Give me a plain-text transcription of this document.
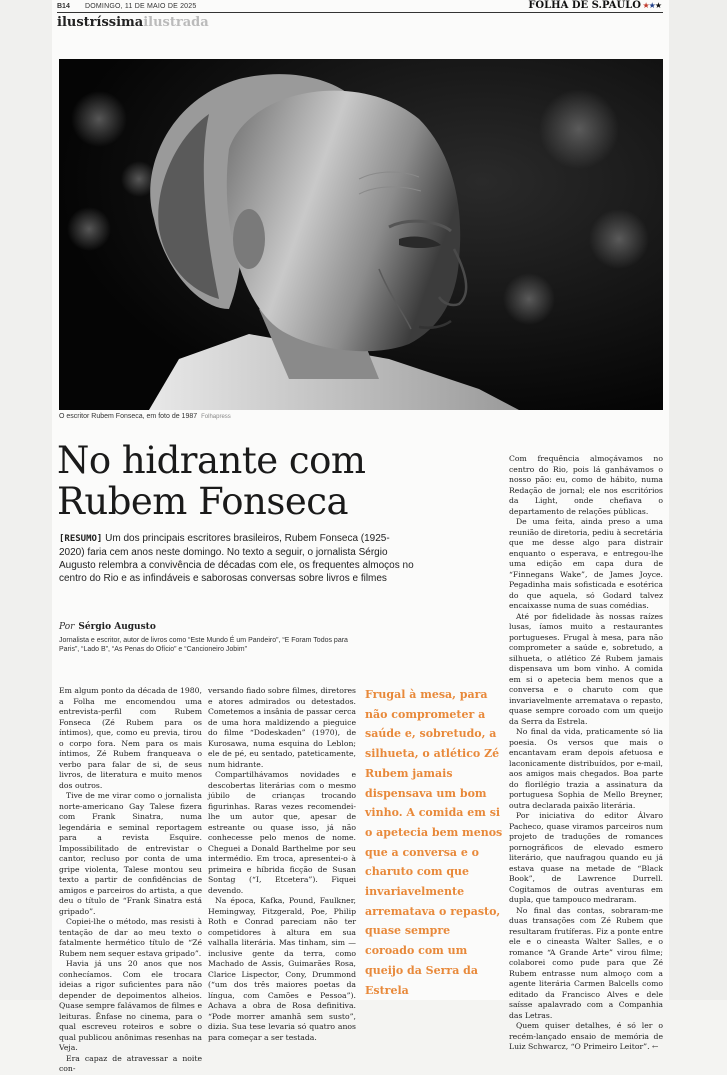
B14 DOMINGO, 11 DE MAIO DE 2025	FOLHA DE S.PAULO ★★★
ilustríssimailustrada
O escritor Rubem Fonseca, em foto de 1987 Folhapress
No hidrante com Rubem Fonseca
[RESUMO] Um dos principais escritores brasileiros, Rubem Fonseca (1925-2020) faria cem anos neste domingo. No texto a seguir, o jornalista Sérgio Augusto relembra a convivência de décadas com ele, os frequentes almoços no centro do Rio e as infindáveis e saborosas conversas sobre livros e filmes
Por Sérgio Augusto
Jornalista e escritor, autor de livros como “Este Mundo É um Pandeiro”, “E Foram Todos para Paris”, “Lado B”, “As Penas do Ofício” e “Cancioneiro Jobim”

Em algum ponto da década de 1980, a Folha me encomendou uma entrevista-perfil com Rubem Fonseca (Zé Rubem para os íntimos), que, como eu previa, tirou o corpo fora. Nem para os mais íntimos, Zé Rubem franqueava o verbo para falar de si, de seus livros, de literatura e muito menos dos outros.

Tive de me virar como o jornalista norte-americano Gay Talese fizera com Frank Sinatra, numa legendária e seminal reportagem para a revista Esquire. Impossibilitado de entrevistar o cantor, recluso por conta de uma gripe violenta, Talese montou seu texto a partir de confidências de amigos e parceiros do artista, a que deu o título de “Frank Sinatra está gripado”.

Copiei-lhe o método, mas resisti à tentação de dar ao meu texto o fatalmente hermético título de “Zé Rubem nem sequer estava gripado”.

Havia já uns 20 anos que nos conhecíamos. Com ele trocara ideias a rigor suficientes para não depender de depoimentos alheios. Quase sempre falávamos de filmes e leituras. Ênfase no cinema, para o qual escreveu roteiros e sobre o qual publicou anônimas resenhas na Veja.

Era capaz de atravessar a noite con-

versando fiado sobre filmes, diretores e atores admirados ou detestados. Cometemos a insânia de passar cerca de uma hora maldizendo a pieguice do filme “Dodeskaden” (1970), de Kurosawa, numa esquina do Leblon; ele de pé, eu sentado, pateticamente, num hidrante.

Compartilhávamos novidades e descobertas literárias com o mesmo júbilo de crianças trocando figurinhas. Raras vezes recomendei-lhe um autor que, apesar de estreante ou quase isso, já não conhecesse pelo menos de nome. Cheguei a Donald Barthelme por seu intermédio. Em troca, apresentei-o à primeira e híbrida ficção de Susan Sontag (“I, Etcetera”). Fiquei devendo.

Na época, Kafka, Pound, Faulkner, Hemingway, Fitzgerald, Poe, Philip Roth e Conrad pareciam não ter competidores à altura em sua valhalla literária. Mas tinham, sim —inclusive gente da terra, como Machado de Assis, Guimarães Rosa, Clarice Lispector, Cony, Drummond (“um dos três maiores poetas da língua, com Camões e Pessoa”). Achava a obra de Rosa definitiva. “Pode morrer amanhã sem susto”, dizia. Sua tese levaria só quatro anos para começar a ser testada.

Frugal à mesa, para não comprometer a saúde e, sobretudo, a silhueta, o atlético Zé Rubem jamais dispensava um bom vinho. A comida em si o apetecia bem menos que a conversa e o charuto com que invariavelmente arrematava o repasto, quase sempre coroado com um queijo da Serra da Estrela

Com frequência almoçávamos no centro do Rio, pois lá ganhávamos o nosso pão: eu, como de hábito, numa Redação de jornal; ele nos escritórios da Light, onde chefiava o departamento de relações públicas.

De uma feita, ainda preso a uma reunião de diretoria, pediu à secretária que me desse algo para distrair enquanto o esperava, e entregou-lhe uma edição em capa dura de “Finnegans Wake”, de James Joyce. Pegadinha mais sofisticada e esotérica do que aquela, só Godard talvez encaixasse numa de suas comédias.

Até por fidelidade às nossas raízes lusas, íamos muito a restaurantes portugueses. Frugal à mesa, para não comprometer a saúde e, sobretudo, a silhueta, o atlético Zé Rubem jamais dispensava um bom vinho. A comida em si o apetecia bem menos que a conversa e o charuto com que invariavelmente arrematava o repasto, quase sempre coroado com um queijo da Serra da Estrela.

No final da vida, praticamente só lia poesia. Os versos que mais o encantavam eram depois afetuosa e laconicamente distribuídos, por e-mail, aos amigos mais chegados. Boa parte do florilégio trazia a assinatura da portuguesa Sophia de Mello Breyner, outra declarada paixão literária.

Por iniciativa do editor Álvaro Pacheco, quase viramos parceiros num projeto de traduções de romances pornográficos de elevado esmero literário, que naufragou quando eu já estava quase na metade de “Black Book”, de Lawrence Durrell. Cogitamos de outras aventuras em dupla, que tampouco medraram.

No final das contas, sobraram-me duas transações com Zé Rubem que resultaram frutíferas. Fiz a ponte entre ele e o cineasta Walter Salles, e o romance “A Grande Arte” virou filme; colaborei como pude para que Zé Rubem entrasse num almoço com a agente literária Carmen Balcells como editado da Francisco Alves e dele saísse apalavrado com a Companhia das Letras.

Quem quiser detalhes, é só ler o recém-lançado ensaio de memória de Luiz Schwarcz, “O Primeiro Leitor”. ←
